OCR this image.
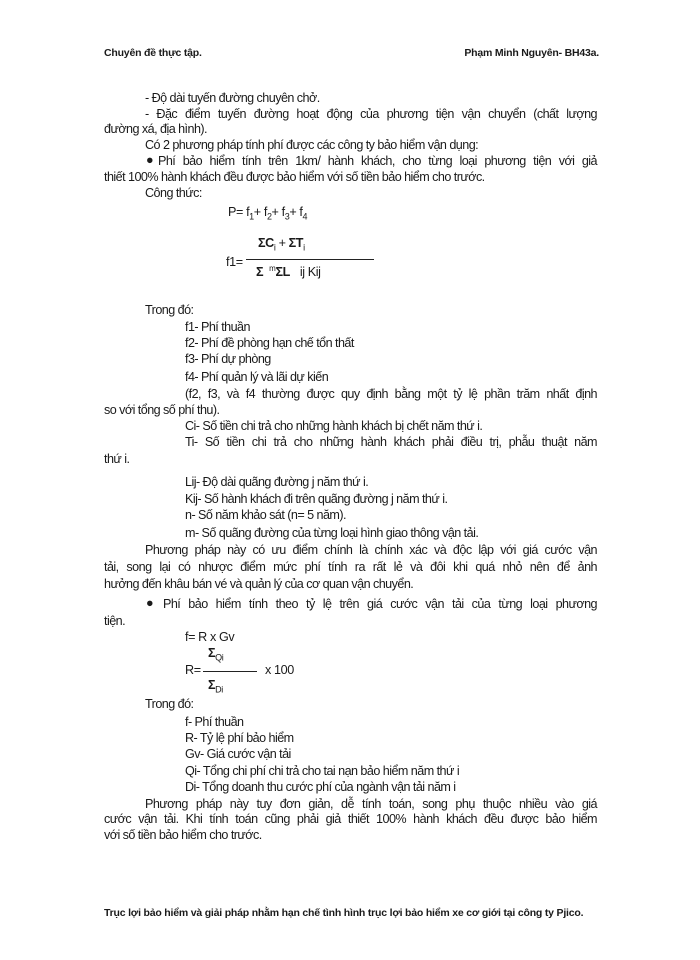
Chuyên đề thực tập.	Phạm Minh Nguyên- BH43a.
- Độ dài tuyến đường chuyên chở.
- Đặc điểm tuyến đường hoạt động của phương tiện vận chuyển (chất lượng
đường xá, địa hình).
Có 2 phương pháp tính phí được các công ty bảo hiểm vận dụng:
● Phí bảo hiểm tính trên 1km/ hành khách, cho từng loại phương tiện với giả
thiết 100% hành khách đều được bảo hiểm với số tiền bảo hiểm cho trước.
Công thức:
$P= f_1+ f_2+ f_3+ f_4$
f1=
$\Sigma C_i + \Sigma T_i$
Σ $^m$ΣL ij Kij
Trong đó:
f1- Phí thuần
f2- Phí đề phòng hạn chế tổn thất
f3- Phí dự phòng
f4- Phí quản lý và lãi dự kiến
(f2, f3, và f4 thường được quy định bằng một tỷ lệ phần trăm nhất định
so với tổng số phí thu).
Ci- Số tiền chi trả cho những hành khách bị chết năm thứ i.
Ti- Số tiền chi trả cho những hành khách phải điều trị, phẫu thuật năm
thứ i.
Lij- Độ dài quãng đường j năm thứ i.
Kij- Số hành khách đi trên quãng đường j năm thứ i.
n- Số năm khảo sát (n= 5 năm).
m- Số quãng đường của từng loại hình giao thông vận tải.
Phương pháp này có ưu điểm chính là chính xác và độc lập với giá cước vận
tải, song lại có nhược điểm mức phí tính ra rất lẻ và đôi khi quá nhỏ nên để ảnh
hưởng đến khâu bán vé và quản lý của cơ quan vận chuyển.
● Phí bảo hiểm tính theo tỷ lệ trên giá cước vận tải của từng loại phương
tiện.
f= R x Gv
$\Sigma_{Qi}$
R=	x 100
$\Sigma_{Di}$
Trong đó:
f- Phí thuần
R- Tỷ lệ phí bảo hiểm
Gv- Giá cước vận tải
Qi- Tổng chi phí chi trả cho tai nạn bảo hiểm năm thứ i
Di- Tổng doanh thu cước phí của ngành vận tải năm i
Phương pháp này tuy đơn giản, dễ tính toán, song phụ thuộc nhiều vào giá
cước vận tải. Khi tính toán cũng phải giả thiết 100% hành khách đều được bảo hiểm
với số tiền bảo hiểm cho trước.
Trục lợi bảo hiểm và giải pháp nhằm hạn chế tình hình trục lợi bảo hiểm xe cơ giới tại công ty Pjico.
